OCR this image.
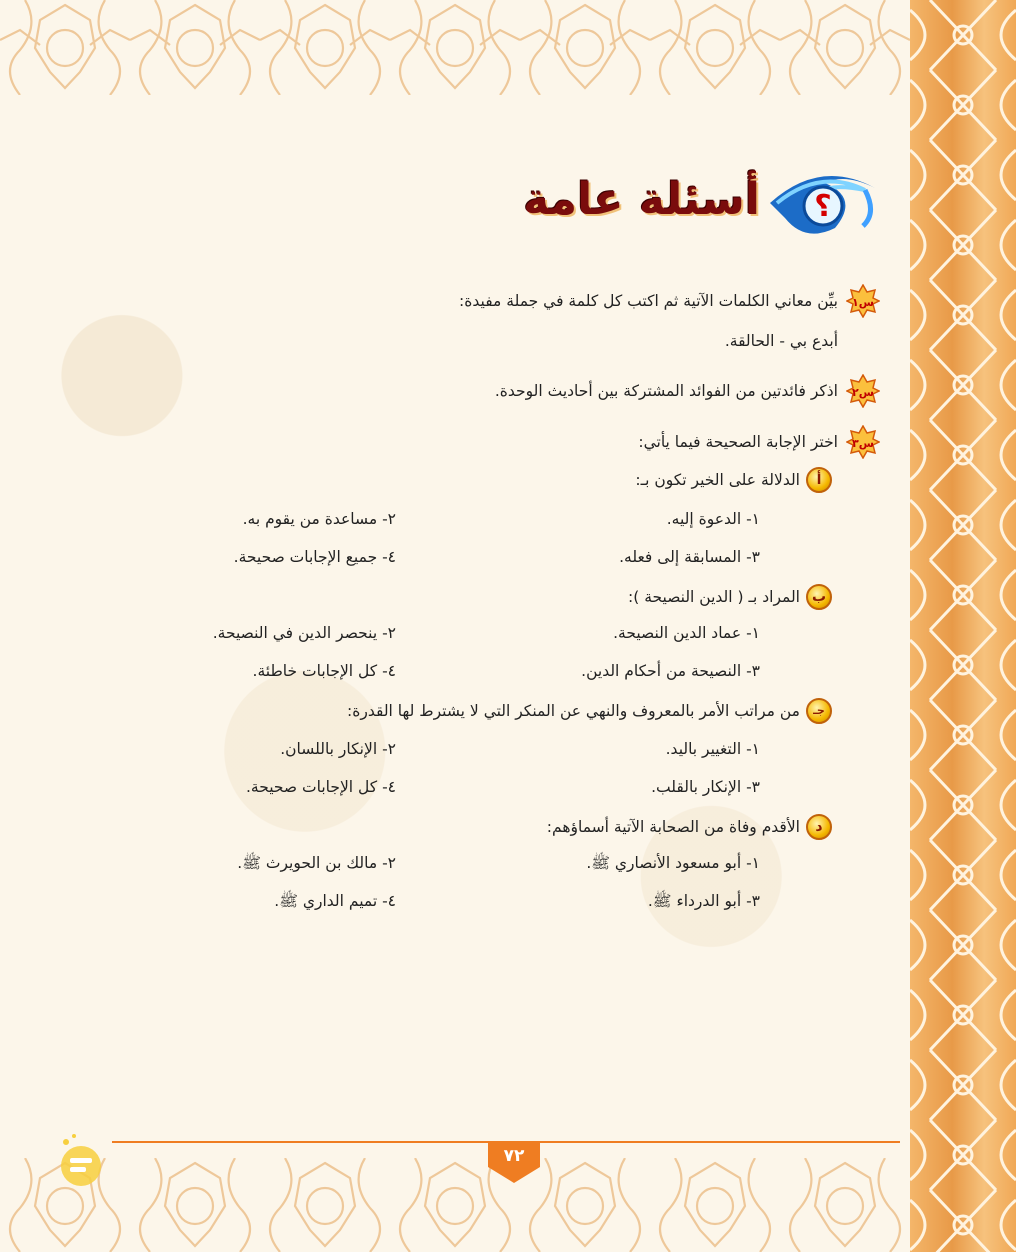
؟
أسئلة عامة
س١
بيِّن معاني الكلمات الآتية ثم اكتب كل كلمة في جملة مفيدة:
أبدع بي - الحالقة.
س٢
اذكر فائدتين من الفوائد المشتركة بين أحاديث الوحدة.
س٣
اختر الإجابة الصحيحة فيما يأتي:
أ
الدلالة على الخير تكون بـ:
١- الدعوة إليه.
٢- مساعدة من يقوم به.
٣- المسابقة إلى فعله.
٤- جميع الإجابات صحيحة.
ب
المراد بـ ( الدين النصيحة ):
١- عماد الدين النصيحة.
٢- ينحصر الدين في النصيحة.
٣- النصيحة من أحكام الدين.
٤- كل الإجابات خاطئة.
جـ
من مراتب الأمر بالمعروف والنهي عن المنكر التي لا يشترط لها القدرة:
١- التغيير باليد.
٢- الإنكار باللسان.
٣- الإنكار بالقلب.
٤- كل الإجابات صحيحة.
د
الأقدم وفاة من الصحابة الآتية أسماؤهم:
١- أبو مسعود الأنصاري ﷺ.
٢- مالك بن الحويرث ﷺ.
٣- أبو الدرداء ﷺ.
٤- تميم الداري ﷺ.
٧٢
